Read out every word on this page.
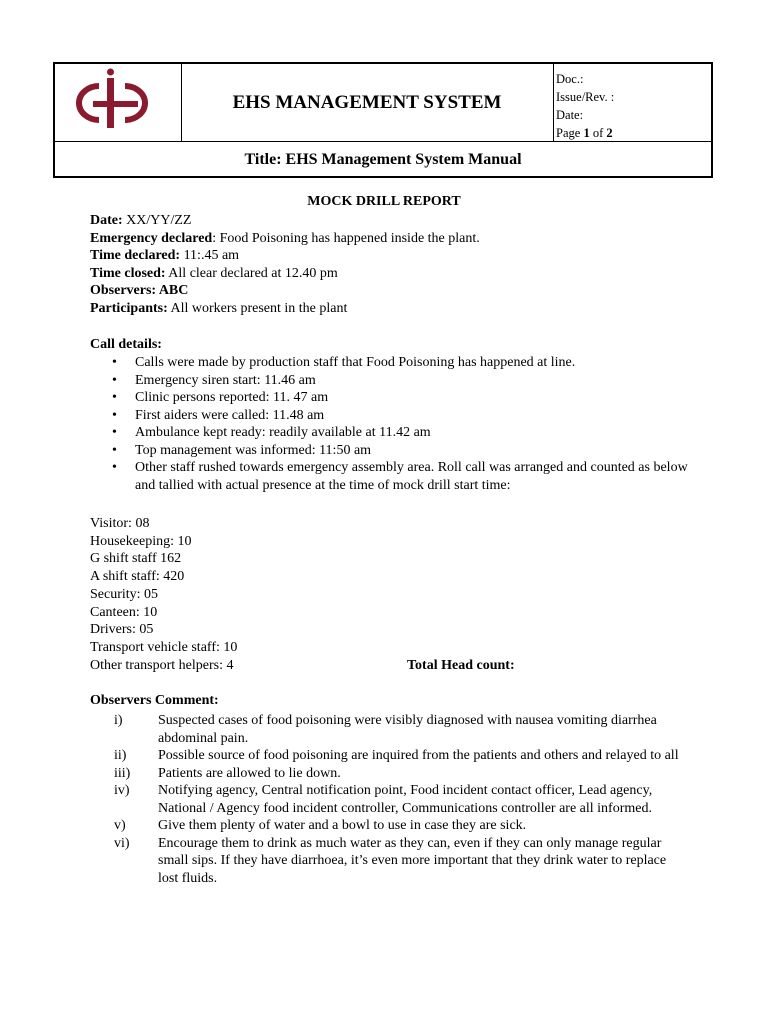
EHS MANAGEMENT SYSTEM
Doc.:
Issue/Rev. :
Date:
Page 1 of 2
Title: EHS Management System Manual
MOCK DRILL REPORT
Date: XX/YY/ZZ
Emergency declared: Food Poisoning has happened inside the plant.
Time declared: 11:.45 am
Time closed: All clear declared at 12.40 pm
Observers: ABC
Participants: All workers present in the plant
Call details:
• Calls were made by production staff that Food Poisoning has happened at line.
• Emergency siren start: 11.46 am
• Clinic persons reported: 11. 47 am
• First aiders were called: 11.48 am
• Ambulance kept ready: readily available at 11.42 am
• Top management was informed: 11:50 am
• Other staff rushed towards emergency assembly area. Roll call was arranged and counted as below and tallied with actual presence at the time of mock drill start time:
Visitor: 08
Housekeeping: 10
G shift staff 162
A shift staff: 420
Security: 05
Canteen: 10
Drivers: 05
Transport vehicle staff: 10
Other transport helpers: 4	Total Head count:
Observers Comment:
i)	Suspected cases of food poisoning were visibly diagnosed with nausea vomiting diarrhea abdominal pain.
ii) Possible source of food poisoning are inquired from the patients and others and relayed to all
iii) Patients are allowed to lie down.
iv) Notifying agency, Central notification point, Food incident contact officer, Lead agency, National / Agency food incident controller, Communications controller are all informed.
v) Give them plenty of water and a bowl to use in case they are sick.
vi) Encourage them to drink as much water as they can, even if they can only manage regular small sips. If they have diarrhoea, it’s even more important that they drink water to replace lost fluids.
